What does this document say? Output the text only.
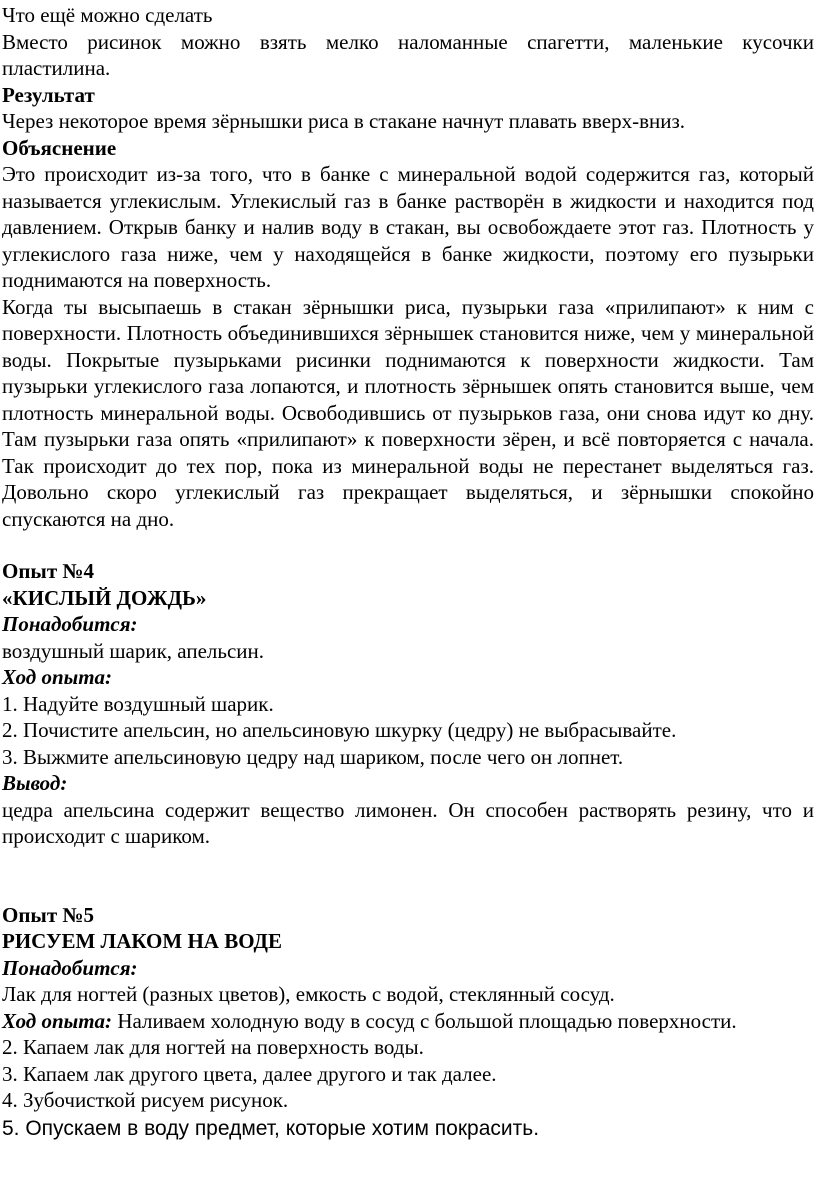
Что ещё можно сделать

Вместо рисинок можно взять мелко наломанные спагетти, маленькие кусочки пластилина.

Результат

Через некоторое время зёрнышки риса в стакане начнут плавать вверх-вниз.

Объяснение

Это происходит из-за того, что в банке с минеральной водой содержится газ, который называется углекислым. Углекислый газ в банке растворён в жидкости и находится под давлением. Открыв банку и налив воду в стакан, вы освобождаете этот газ. Плотность у углекислого газа ниже, чем у находящейся в банке жидкости, поэтому его пузырьки поднимаются на поверхность.

Когда ты высыпаешь в стакан зёрнышки риса, пузырьки газа «прилипают» к ним с поверхности. Плотность объединившихся зёрнышек становится ниже, чем у минеральной воды. Покрытые пузырьками рисинки поднимаются к поверхности жидкости. Там пузырьки углекислого газа лопаются, и плотность зёрнышек опять становится выше, чем плотность минеральной воды. Освободившись от пузырьков газа, они снова идут ко дну. Там пузырьки газа опять «прилипают» к поверхности зёрен, и всё повторяется с начала. Так происходит до тех пор, пока из минеральной воды не перестанет выделяться газ. Довольно скоро углекислый газ прекращает выделяться, и зёрнышки спокойно спускаются на дно.

Опыт №4

«КИСЛЫЙ ДОЖДЬ»

Понадобится:

воздушный шарик, апельсин.

Ход опыта:

1. Надуйте воздушный шарик.

2. Почистите апельсин, но апельсиновую шкурку (цедру) не выбрасывайте.

3. Выжмите апельсиновую цедру над шариком, после чего он лопнет.

Вывод:

цедра апельсина содержит вещество лимонен. Он способен растворять резину, что и происходит с шариком.

Опыт №5

РИСУЕМ ЛАКОМ НА ВОДЕ

Понадобится:

Лак для ногтей (разных цветов), емкость с водой, стеклянный сосуд.

Ход опыта: Наливаем холодную воду в сосуд с большой площадью поверхности.

2. Капаем лак для ногтей на поверхность воды.

3. Капаем лак другого цвета, далее другого и так далее.

4. Зубочисткой рисуем рисунок.

5. Опускаем в воду предмет, которые хотим покрасить.
